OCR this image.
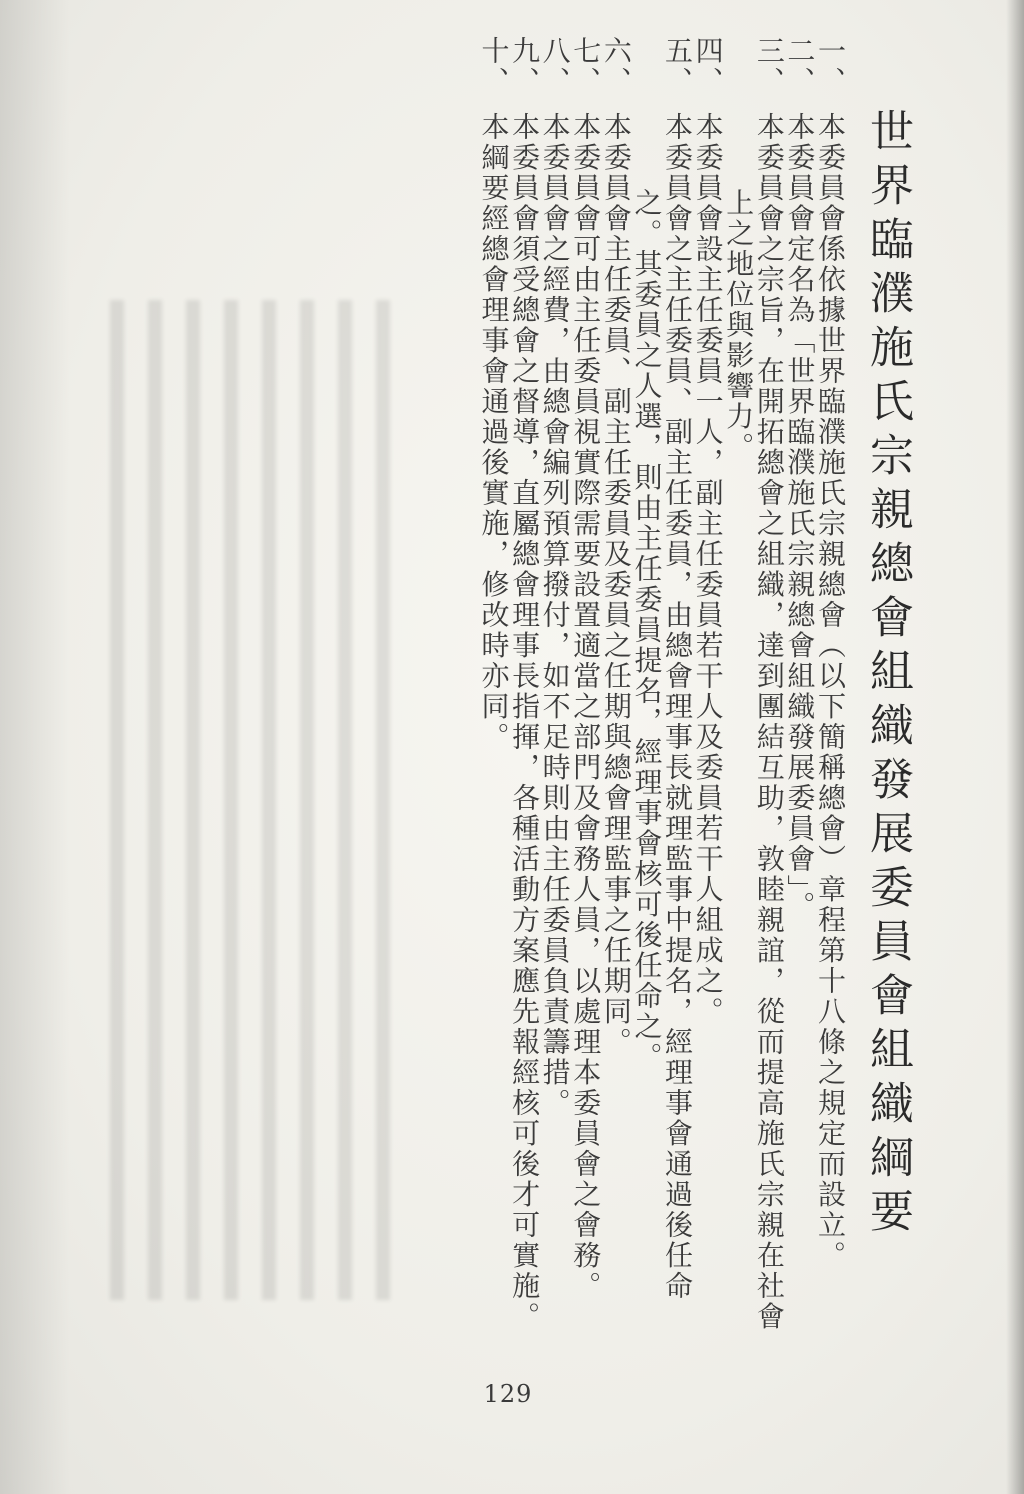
世界臨濮施氏宗親總會組織發展委員會組織綱要

一、本委員會係依據世界臨濮施氏宗親總會（以下簡稱總會）章程第十八條之規定而設立。

二、本委員會定名為「世界臨濮施氏宗親總會組織發展委員會」。

三、本委員會之宗旨，在開拓總會之組織，達到團結互助，敦睦親誼，從而提高施氏宗親在社會上之地位與影響力。

四、本委員會設主任委員一人，副主任委員若干人及委員若干人組成之。

五、本委員會之主任委員、副主任委員，由總會理事長就理監事中提名，經理事會通過後任命之。其委員之人選，則由主任委員提名，經理事會核可後任命之。

六、本委員會主任委員、副主任委員及委員之任期與總會理監事之任期同。

七、本委員會可由主任委員視實際需要設置適當之部門及會務人員，以處理本委員會之會務。

八、本委員會之經費，由總會編列預算撥付，如不足時則由主任委員負責籌措。

九、本委員會須受總會之督導，直屬總會理事長指揮，各種活動方案應先報經核可後才可實施。

十、本綱要經總會理事會通過後實施，修改時亦同。

129
